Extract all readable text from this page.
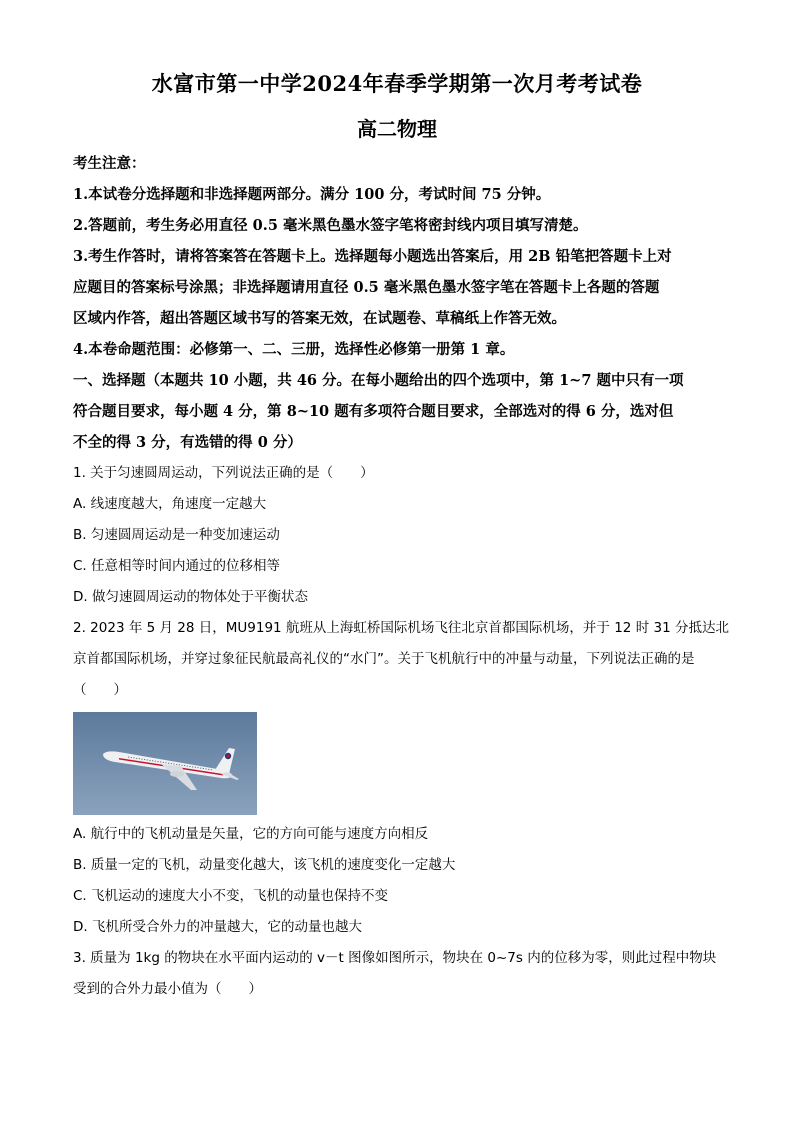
水富市第一中学2024年春季学期第一次月考考试卷
高二物理
考生注意：
1.本试卷分选择题和非选择题两部分。满分 100 分，考试时间 75 分钟。
2.答题前，考生务必用直径 0.5 毫米黑色墨水签字笔将密封线内项目填写清楚。
3.考生作答时，请将答案答在答题卡上。选择题每小题选出答案后，用 2B 铅笔把答题卡上对
应题目的答案标号涂黑；非选择题请用直径 0.5 毫米黑色墨水签字笔在答题卡上各题的答题
区域内作答，超出答题区域书写的答案无效，在试题卷、草稿纸上作答无效。
4.本卷命题范围：必修第一、二、三册，选择性必修第一册第 1 章。
一、选择题（本题共 10 小题，共 46 分。在每小题给出的四个选项中，第 1~7 题中只有一项
符合题目要求，每小题 4 分，第 8~10 题有多项符合题目要求，全部选对的得 6 分，选对但
不全的得 3 分，有选错的得 0 分）
1. 关于匀速圆周运动，下列说法正确的是（　　）
A. 线速度越大，角速度一定越大
B. 匀速圆周运动是一种变加速运动
C. 任意相等时间内通过的位移相等
D. 做匀速圆周运动的物体处于平衡状态
2. 2023 年 5 月 28 日，MU9191 航班从上海虹桥国际机场飞往北京首都国际机场，并于 12 时 31 分抵达北
京首都国际机场，并穿过象征民航最高礼仪的“水门”。关于飞机航行中的冲量与动量，下列说法正确的是
（　　）
A. 航行中的飞机动量是矢量，它的方向可能与速度方向相反
B. 质量一定的飞机，动量变化越大，该飞机的速度变化一定越大
C. 飞机运动的速度大小不变，飞机的动量也保持不变
D. 飞机所受合外力的冲量越大，它的动量也越大
3. 质量为 1kg 的物块在水平面内运动的 v－t 图像如图所示，物块在 0~7s 内的位移为零，则此过程中物块
受到的合外力最小值为（　　）
